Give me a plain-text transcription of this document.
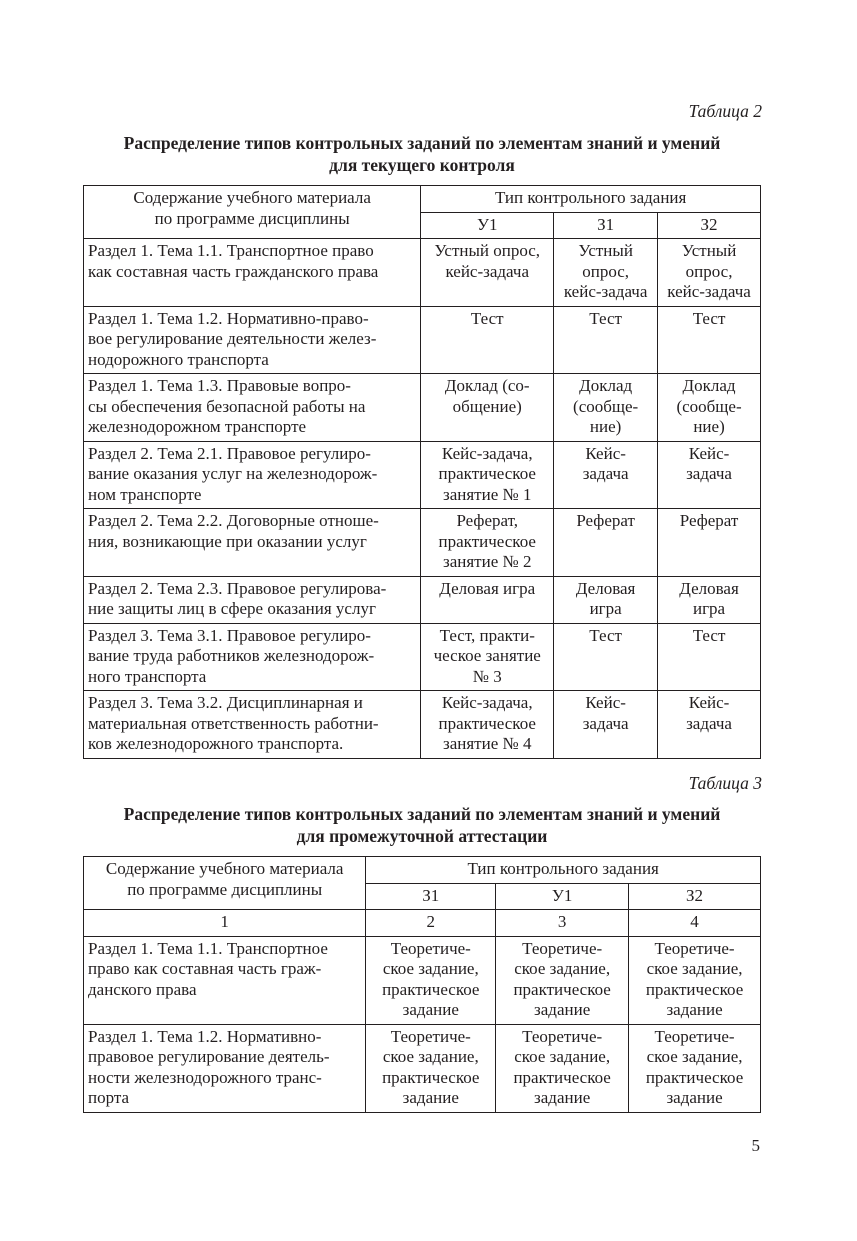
Таблица 2
Распределение типов контрольных заданий по элементам знаний и умений
для текущего контроля
Содержание учебного материала
по программе дисциплины	Тип контрольного задания		
	У1	З1	З2

Раздел 1. Тема 1.1. Транспортное право
как составная часть гражданского права	Устный опрос,
кейс-задача	Устный
опрос,
кейс-задача	Устный
опрос,
кейс-задача

Раздел 1. Тема 1.2. Нормативно-право-
вое регулирование деятельности желез-
нодорожного транспорта	Тест	Тест	Тест

Раздел 1. Тема 1.3. Правовые вопро-
сы обеспечения безопасной работы на
железнодорожном транспорте	Доклад (со-
общение)	Доклад
(сообще-
ние)	Доклад
(сообще-
ние)

Раздел 2. Тема 2.1. Правовое регулиро-
вание оказания услуг на железнодорож-
ном транспорте	Кейс-задача,
практическое
занятие № 1	Кейс-
задача	Кейс-
задача

Раздел 2. Тема 2.2. Договорные отноше-
ния, возникающие при оказании услуг	Реферат,
практическое
занятие № 2	Реферат	Реферат

Раздел 2. Тема 2.3. Правовое регулирова-
ние защиты лиц в сфере оказания услуг	Деловая игра	Деловая
игра	Деловая
игра

Раздел 3. Тема 3.1. Правовое регулиро-
вание труда работников железнодорож-
ного транспорта	Тест, практи-
ческое занятие
№ 3	Тест	Тест

Раздел 3. Тема 3.2. Дисциплинарная и
материальная ответственность работни-
ков железнодорожного транспорта.	Кейс-задача,
практическое
занятие № 4	Кейс-
задача	Кейс-
задача
Таблица 3
Распределение типов контрольных заданий по элементам знаний и умений
для промежуточной аттестации
Содержание учебного материала
по программе дисциплины	Тип контрольного задания		
	З1	У1	З2
1	2	3	4

Раздел 1. Тема 1.1. Транспортное
право как составная часть граж-
данского права	Теоретиче-
ское задание,
практическое
задание	Теоретиче-
ское задание,
практическое
задание	Теоретиче-
ское задание,
практическое
задание

Раздел 1. Тема 1.2. Нормативно-
правовое регулирование деятель-
ности железнодорожного транс-
порта	Теоретиче-
ское задание,
практическое
задание	Теоретиче-
ское задание,
практическое
задание	Теоретиче-
ское задание,
практическое
задание
5
